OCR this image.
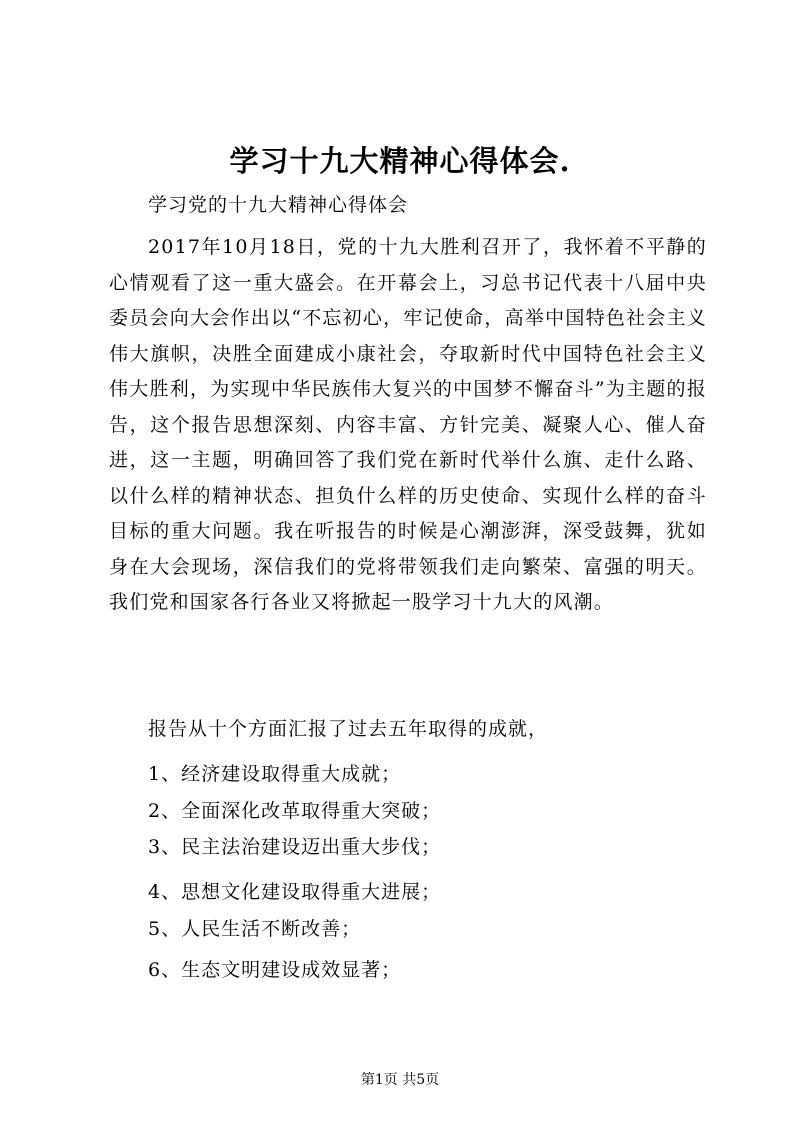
学习十九大精神心得体会.
学习党的十九大精神心得体会

2017年10月18日，党的十九大胜利召开了，我怀着不平静的心情观看了这一重大盛会。在开幕会上，习总书记代表十八届中央委员会向大会作出以“不忘初心，牢记使命，高举中国特色社会主义伟大旗帜，决胜全面建成小康社会，夺取新时代中国特色社会主义伟大胜利，为实现中华民族伟大复兴的中国梦不懈奋斗”为主题的报告，这个报告思想深刻、内容丰富、方针完美、凝聚人心、催人奋进，这一主题，明确回答了我们党在新时代举什么旗、走什么路、以什么样的精神状态、担负什么样的历史使命、实现什么样的奋斗目标的重大问题。我在听报告的时候是心潮澎湃，深受鼓舞，犹如身在大会现场，深信我们的党将带领我们走向繁荣、富强的明天。我们党和国家各行各业又将掀起一股学习十九大的风潮。

报告从十个方面汇报了过去五年取得的成就，
1、经济建设取得重大成就；
2、全面深化改革取得重大突破；
3、民主法治建设迈出重大步伐；
4、思想文化建设取得重大进展；
5、人民生活不断改善；
6、生态文明建设成效显著；
第1页 共5页
